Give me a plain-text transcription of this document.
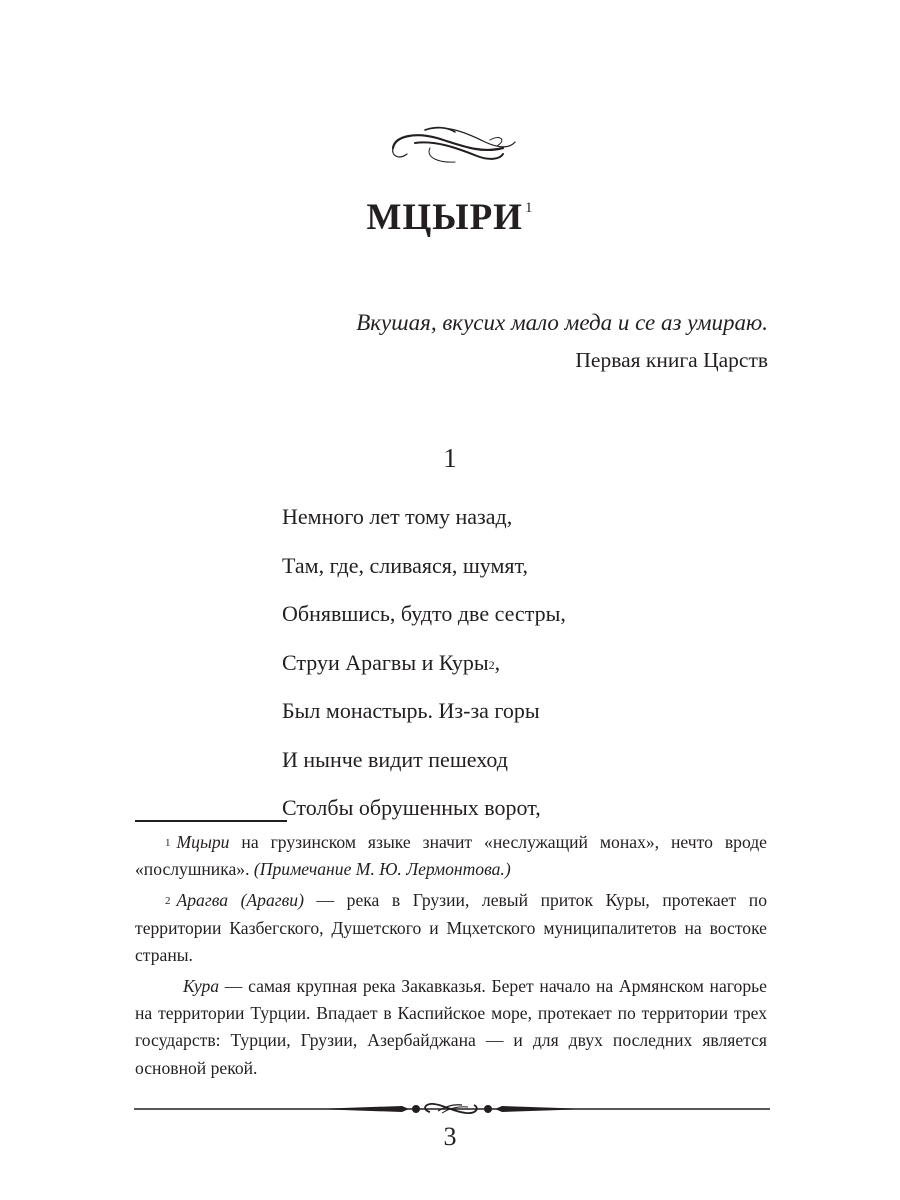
МЦЫРИ $^1$
Вкушая, вкусих мало меда и се аз умираю.
Первая книга Царств
1
Немного лет тому назад,
Там, где, сливаяся, шумят,
Обнявшись, будто две сестры,
Струи Арагвы и Куры$^2$,
Был монастырь. Из-за горы
И нынче видит пешеход
Столбы обрушенных ворот,

$^1$ Мцыри на грузинском языке значит «неслужащий монах», нечто вроде «послушника». (Примечание М. Ю. Лермонтова.)

$^2$ Арагва (Арагви) — река в Грузии, левый приток Куры, протекает по территории Казбегского, Душетского и Мцхетского муниципалитетов на востоке страны.

Кура — самая крупная река Закавказья. Берет начало на Армянском нагорье на территории Турции. Впадает в Каспийское море, протекает по территории трех государств: Турции, Грузии, Азербайджана — и для двух последних является основной рекой.

3
